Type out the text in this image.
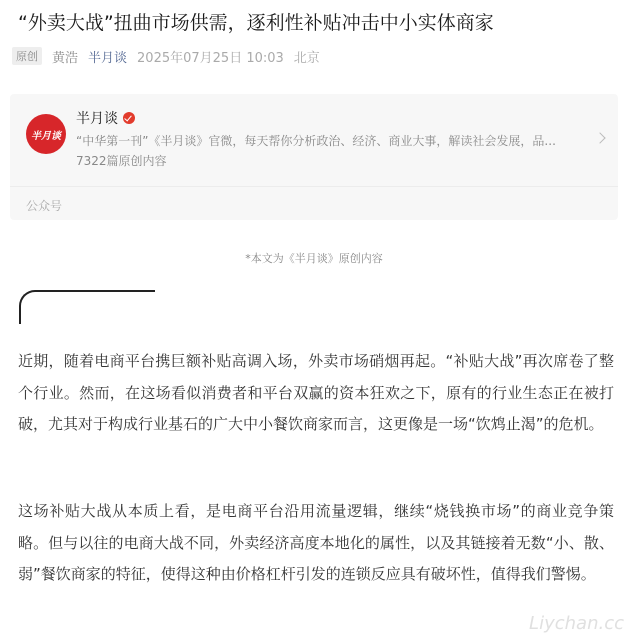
“外卖大战”扭曲市场供需，逐利性补贴冲击中小实体商家
原创	黄浩 半月谈 2025年07月25日 10:03 北京
半月谈
半月谈
“中华第一刊”《半月谈》官微，每天帮你分析政治、经济、商业大事，解读社会发展，品...
7322篇原创内容
公众号
*本文为《半月谈》原创内容

近期，随着电商平台携巨额补贴高调入场，外卖市场硝烟再起。“补贴大战”再次席卷了整个行业。然而，在这场看似消费者和平台双赢的资本狂欢之下，原有的行业生态正在被打破，尤其对于构成行业基石的广大中小餐饮商家而言，这更像是一场“饮鸩止渴”的危机。

这场补贴大战从本质上看，是电商平台沿用流量逻辑，继续“烧钱换市场”的商业竞争策略。但与以往的电商大战不同，外卖经济高度本地化的属性，以及其链接着无数“小、散、弱”餐饮商家的特征，使得这种由价格杠杆引发的连锁反应具有破坏性，值得我们警惕。

Liychan.cc
